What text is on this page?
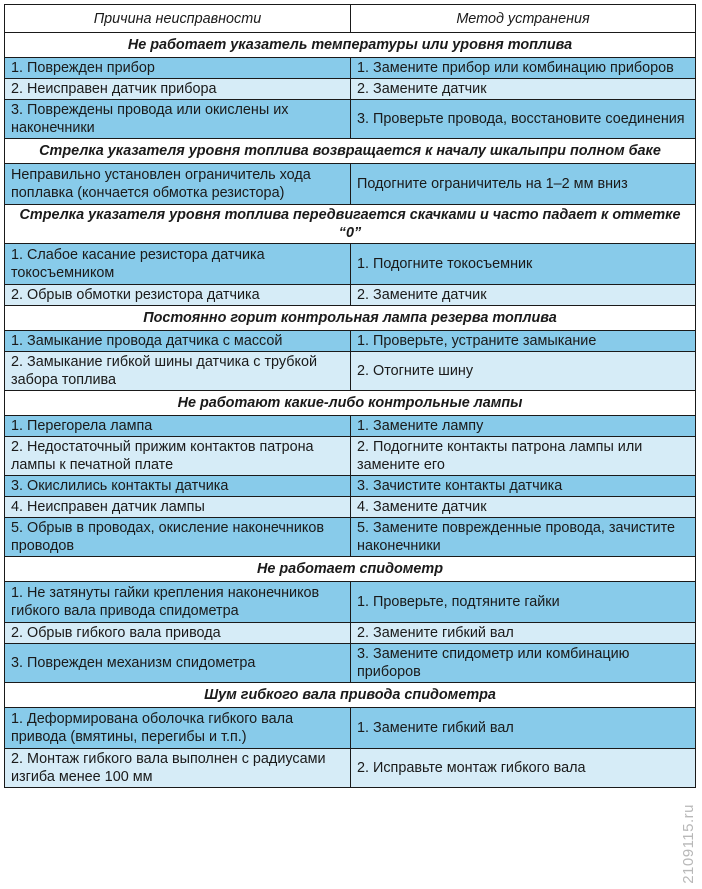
Причина неисправности	Метод устранения
Не работает указатель температуры или уровня топлива	
1. Поврежден прибор	1. Замените прибор или комбинацию приборов
2. Неисправен датчик прибора	2. Замените датчик
3. Повреждены провода или окислены их наконечники	3. Проверьте провода, восстановите соединения
Стрелка указателя уровня топлива возвращается к началу шкалыпри полном баке	
Неправильно установлен ограничитель хода поплавка (кончается обмотка резистора)	Подогните ограничитель на 1–2 мм вниз
Стрелка указателя уровня топлива передвигается скачками и часто падает к отметке “0”	
1. Слабое касание резистора датчика токосъемником	1. Подогните токосъемник
2. Обрыв обмотки резистора датчика	2. Замените датчик
Постоянно горит контрольная лампа резерва топлива	
1. Замыкание провода датчика с массой	1. Проверьте, устраните замыкание
2. Замыкание гибкой шины датчика с трубкой забора топлива	2. Отогните шину
Не работают какие-либо контрольные лампы	
1. Перегорела лампа	1. Замените лампу
2. Недостаточный прижим контактов патрона лампы к печатной плате	2. Подогните контакты патрона лампы или замените его
3. Окислились контакты датчика	3. Зачистите контакты датчика
4. Неисправен датчик лампы	4. Замените датчик
5. Обрыв в проводах, окисление наконечников проводов	5. Замените поврежденные провода, зачистите наконечники
Не работает спидометр	
1. Не затянуты гайки крепления наконечников гибкого вала привода спидометра	1. Проверьте, подтяните гайки
2. Обрыв гибкого вала привода	2. Замените гибкий вал
3. Поврежден механизм спидометра	3. Замените спидометр или комбинацию приборов
Шум гибкого вала привода спидометра	
1. Деформирована оболочка гибкого вала привода (вмятины, перегибы и т.п.)	1. Замените гибкий вал
2. Монтаж гибкого вала выполнен с радиусами изгиба менее 100 мм	2. Исправьте монтаж гибкого вала
2109115.ru
